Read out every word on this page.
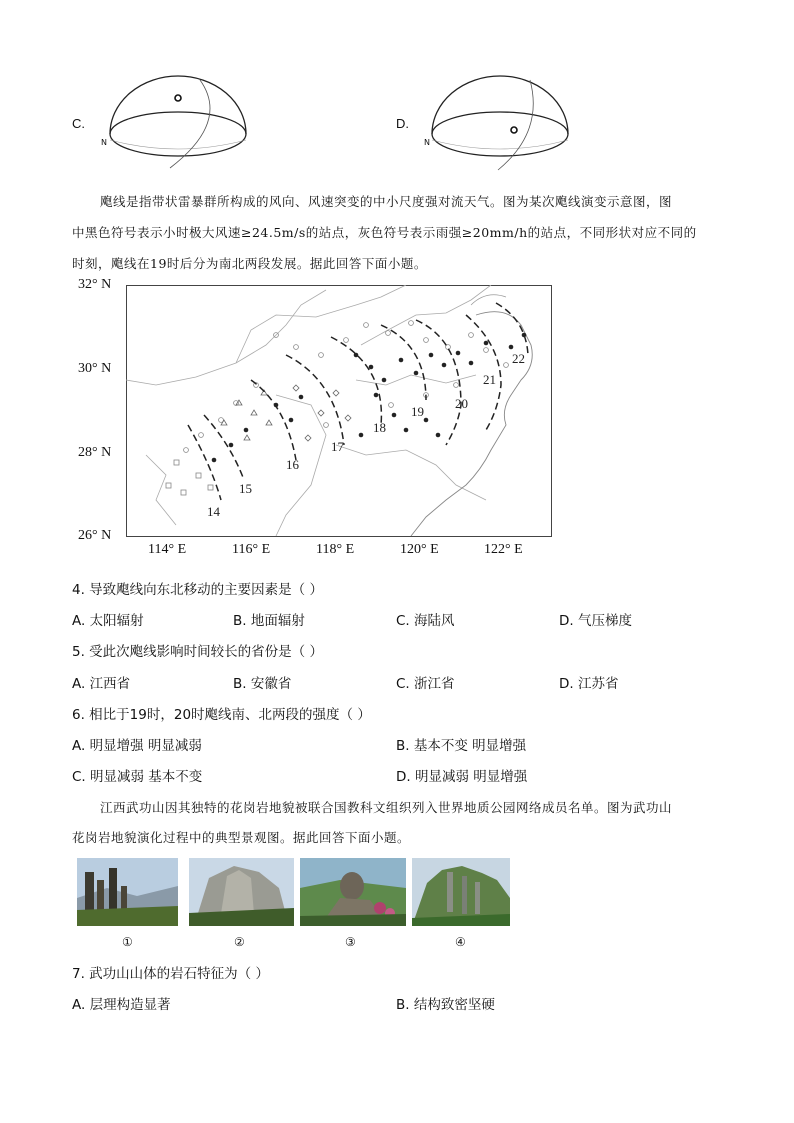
C.
N
D.
N
飑线是指带状雷暴群所构成的风向、风速突变的中小尺度强对流天气。图为某次飑线演变示意图，图
中黑色符号表示小时极大风速≥24.5m/s的站点，灰色符号表示雨强≥20mm/h的站点，不同形状对应不同的
时刻，飑线在19时后分为南北两段发展。据此回答下面小题。
32° N
30° N
28° N
26° N
14
15
16
17
18
19
20
21
22
114° E	116° E	118° E	120° E	122° E
4. 导致飑线向东北移动的主要因素是（ ）
A. 太阳辐射	B. 地面辐射	C. 海陆风	D. 气压梯度
5. 受此次飑线影响时间较长的省份是（ ）
A. 江西省	B. 安徽省	C. 浙江省	D. 江苏省
6. 相比于19时，20时飑线南、北两段的强度（ ）
A. 明显增强 明显减弱	B. 基本不变 明显增强
C. 明显减弱 基本不变	D. 明显减弱 明显增强
江西武功山因其独特的花岗岩地貌被联合国教科文组织列入世界地质公园网络成员名单。图为武功山
花岗岩地貌演化过程中的典型景观图。据此回答下面小题。
①	②	③	④
7. 武功山山体的岩石特征为（ ）
A. 层理构造显著	B. 结构致密坚硬
